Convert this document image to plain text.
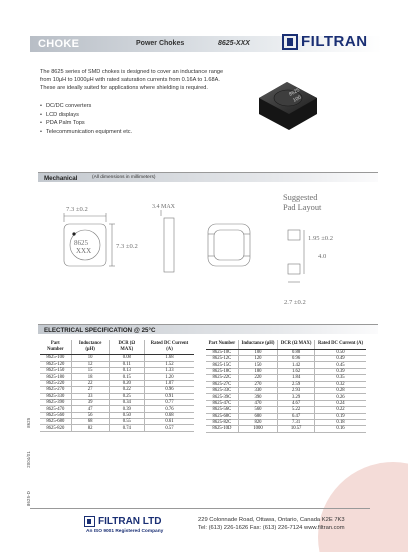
CHOKE	Power Chokes	8625-XXX	FILTRAN

The 8625 series of SMD chokes is designed to cover an inductance range from 10μH to 1000μH with rated saturation currents from 0.16A to 1.68A. These are ideally suited for applications where shielding is required.

• DC/DC converters
• LCD displays
• PDA Palm Tops
• Telecommunication equipment etc.
8625
100
Mechanical	(All dimensions in millimeters)
7.3 ±0.2
7.3 ±0.2
8625
XXX
3.4 MAX
Suggested
Pad Layout
1.95 ±0.2
4.0
2.7 ±0.2
ELECTRICAL SPECIFICATION @ 25°C
Part Number	Inductance (μH)	DCR (Ω MAX)	Rated DC Current (A)
8625-100	10	0.08	1.68
8625-120	12	0.11	1.52
8625-150	15	0.13	1.33
8625-180	18	0.15	1.20
8625-220	22	0.20	1.07
8625-270	27	0.22	0.96
8625-330	33	0.25	0.91
8625-390	39	0.34	0.77
8625-470	47	0.39	0.76
8625-560	56	0.50	0.68
8625-680	68	0.55	0.61
8625-820	82	0.74	0.57
Part Number	Inductance (μH)	DCR (Ω MAX)	Rated DC Current (A)
8625-10C	100	0.88	0.50
8625-12C	120	0.96	0.49
8625-15C	150	1.42	0.45
8625-18C	180	1.62	0.39
8625-22C	220	1.84	0.35
8625-27C	270	2.59	0.32
8625-33C	330	2.93	0.28
8625-39C	390	3.29	0.26
8625-47C	470	4.67	0.24
8625-56C	560	5.22	0.22
8625-68C	680	6.47	0.19
8625-82C	820	7.31	0.18
8625-10D	1000	10.57	0.16
8625-D 2004/01 8625
FILTRAN LTD
An ISO 9001 Registered Company
229 Colonnade Road, Ottawa, Ontario, Canada K2E 7K3
Tel: (613) 226-1626 Fax: (613) 226-7124 www.filtran.com
